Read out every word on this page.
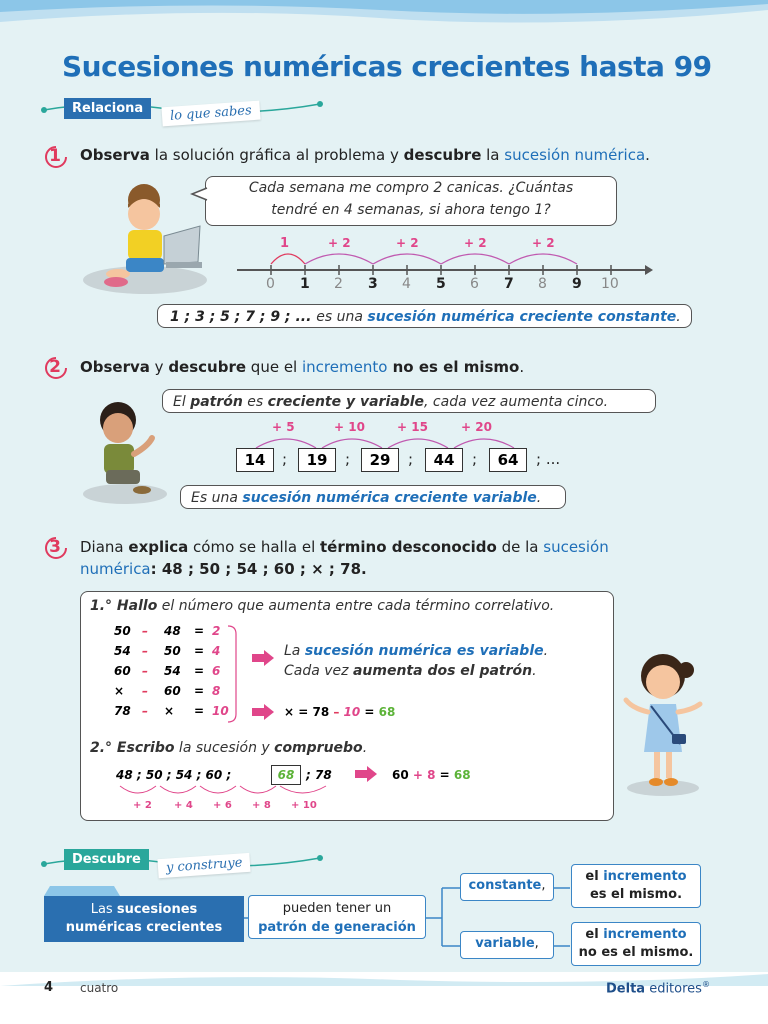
Sucesiones numéricas crecientes hasta 99
Relaciona	lo que sabes
1	Observa la solución gráfica al problema y descubre la sucesión numérica.
Cada semana me compro 2 canicas. ¿Cuántas
tendré en 4 semanas, si ahora tengo 1?
1	+ 2	+ 2	+ 2	+ 2
0 1 2 3 4 5 6 7 8 9 10
1 ; 3 ; 5 ; 7 ; 9 ; ... es una sucesión numérica creciente constante.
2	Observa y descubre que el incremento no es el mismo.
El patrón es creciente y variable, cada vez aumenta cinco.
+ 5	+ 10	+ 15	+ 20
14	;	19	;	29	;	44	;	64	; ...
Es una sucesión numérica creciente variable.
3	Diana explica cómo se halla el término desconocido de la sucesión
numérica: 48 ; 50 ; 54 ; 60 ; × ; 78.
1.° Hallo el número que aumenta entre cada término correlativo.
50 – 48 = 2
54 – 50 = 4
60 – 54 = 6
× – 60 = 8
78 – × = 10
La sucesión numérica es variable.
Cada vez aumenta dos el patrón.
× = 78 – 10 = 68
2.° Escribo la sucesión y compruebo.
48 ; 50 ; 54 ; 60 ;	68 ; 78	60 + 8 = 68
+ 2 + 4 + 6 + 8 + 10
Descubre	y construye
Las sucesiones
numéricas crecientes
pueden tener un
patrón de generación
constante,
variable,
el incremento
es el mismo.
el incremento
no es el mismo.
4 cuatro	Delta editores®
